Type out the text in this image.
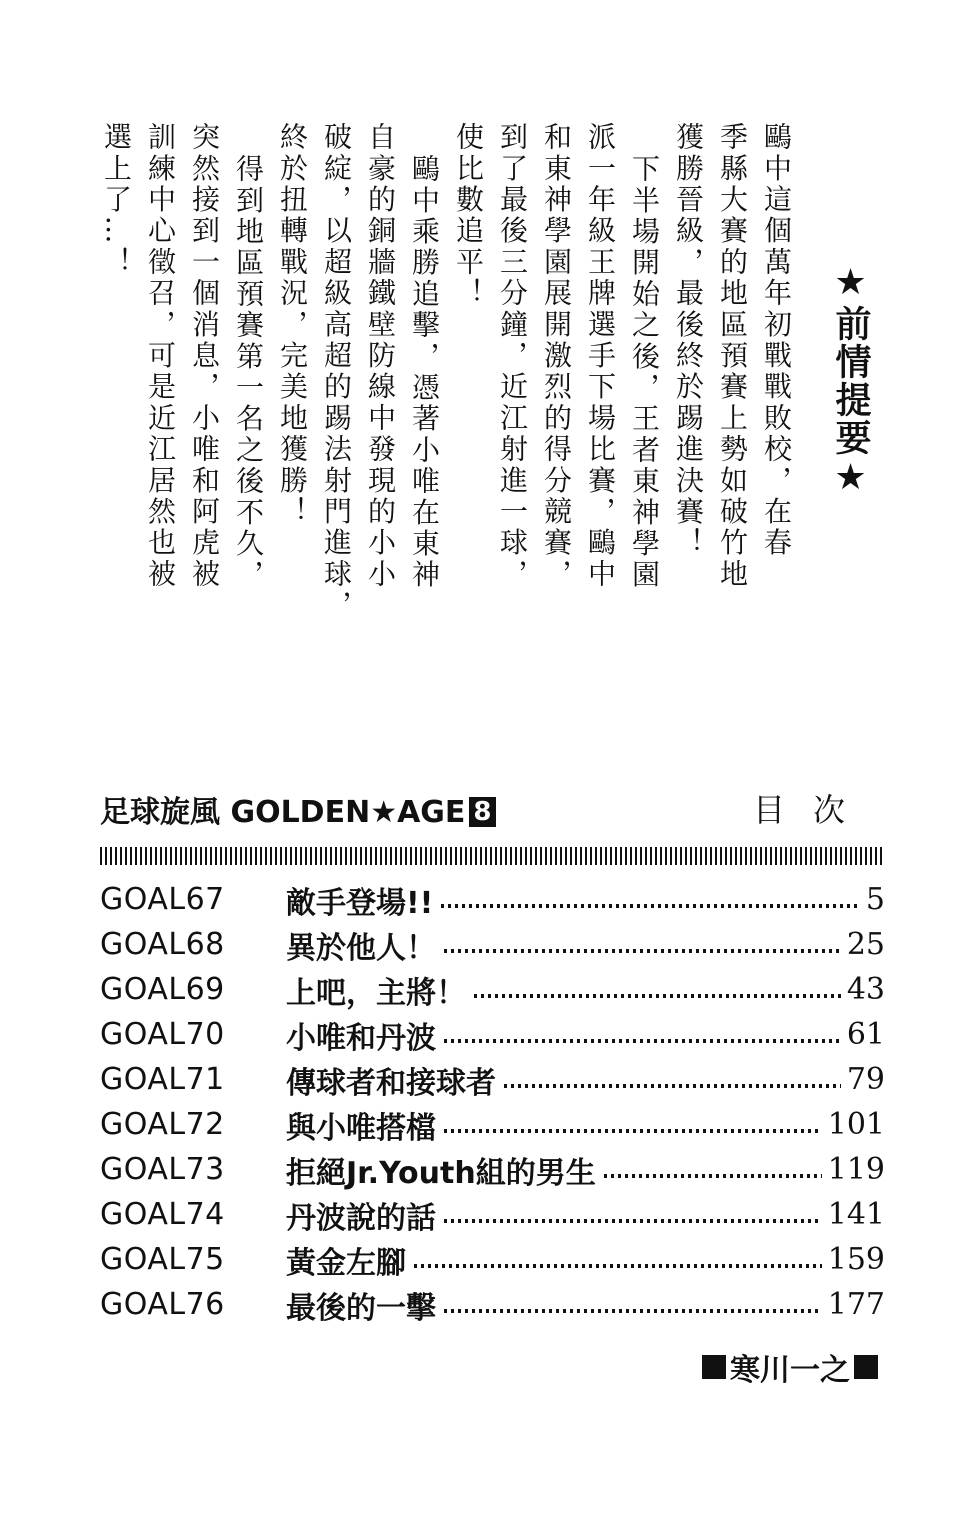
★前情提要★
鷗中這個萬年初戰戰敗校，在春
季縣大賽的地區預賽上勢如破竹地
獲勝晉級，最後終於踢進決賽！
下半場開始之後，王者東神學園
派一年級王牌選手下場比賽，鷗中
和東神學園展開激烈的得分競賽，
到了最後三分鐘，近江射進一球，
使比數追平！
鷗中乘勝追擊，憑著小唯在東神
自豪的銅牆鐵壁防線中發現的小小
破綻，以超級高超的踢法射門進球，
終於扭轉戰況，完美地獲勝！
得到地區預賽第一名之後不久，
突然接到一個消息，小唯和阿虎被
訓練中心徵召，可是近江居然也被
選上了…！
足球旋風 GOLDEN★AGE 8	目次
GOAL67	敵手登場!!	5
GOAL68	異於他人！	25
GOAL69	上吧，主將！	43
GOAL70	小唯和丹波	61
GOAL71	傳球者和接球者	79
GOAL72	與小唯搭檔	101
GOAL73	拒絕Jr.Youth組的男生	119
GOAL74	丹波說的話	141
GOAL75	黃金左腳	159
GOAL76	最後的一擊	177
寒川一之
